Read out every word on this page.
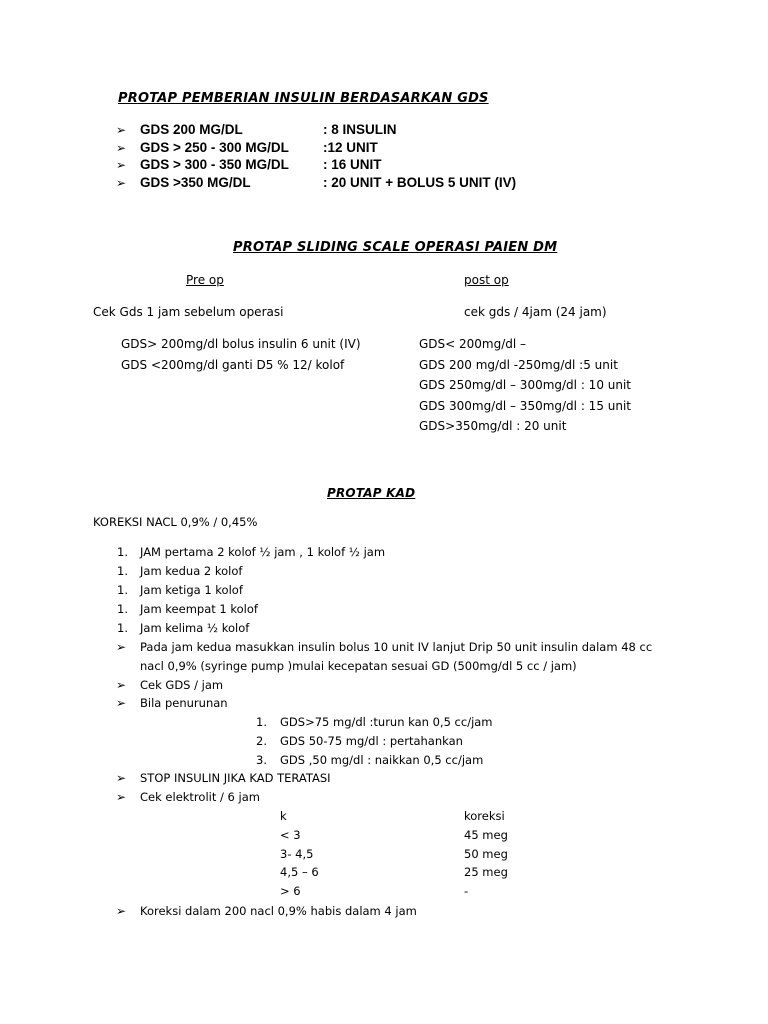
PROTAP PEMBERIAN INSULIN BERDASARKAN GDS
➢ GDS 200 MG/DL	: 8 INSULIN
➢ GDS > 250 - 300 MG/DL	:12 UNIT
➢ GDS > 300 - 350 MG/DL	: 16 UNIT
➢ GDS >350 MG/DL	: 20 UNIT + BOLUS 5 UNIT (IV)
PROTAP SLIDING SCALE OPERASI PAIEN DM
Pre op	post op
Cek Gds 1 jam sebelum operasi	cek gds / 4jam (24 jam)
GDS> 200mg/dl bolus insulin 6 unit (IV)
GDS <200mg/dl ganti D5 % 12/ kolof
GDS< 200mg/dl –
GDS 200 mg/dl -250mg/dl :5 unit
GDS 250mg/dl – 300mg/dl : 10 unit
GDS 300mg/dl – 350mg/dl : 15 unit
GDS>350mg/dl : 20 unit
PROTAP KAD
KOREKSI NACL 0,9% / 0,45%
1. JAM pertama 2 kolof ½ jam , 1 kolof ½ jam
1. Jam kedua 2 kolof
1. Jam ketiga 1 kolof
1. Jam keempat 1 kolof
1. Jam kelima ½ kolof
➢ Pada jam kedua masukkan insulin bolus 10 unit IV lanjut Drip 50 unit insulin dalam 48 cc
nacl 0,9% (syringe pump )mulai kecepatan sesuai GD (500mg/dl 5 cc / jam)
➢ Cek GDS / jam
➢ Bila penurunan
1. GDS>75 mg/dl :turun kan 0,5 cc/jam
2. GDS 50-75 mg/dl : pertahankan
3. GDS ,50 mg/dl : naikkan 0,5 cc/jam
➢ STOP INSULIN JIKA KAD TERATASI
➢ Cek elektrolit / 6 jam
k	koreksi
< 3	45 meg
3- 4,5	50 meg
4,5 – 6	25 meg
> 6	-
➢ Koreksi dalam 200 nacl 0,9% habis dalam 4 jam
